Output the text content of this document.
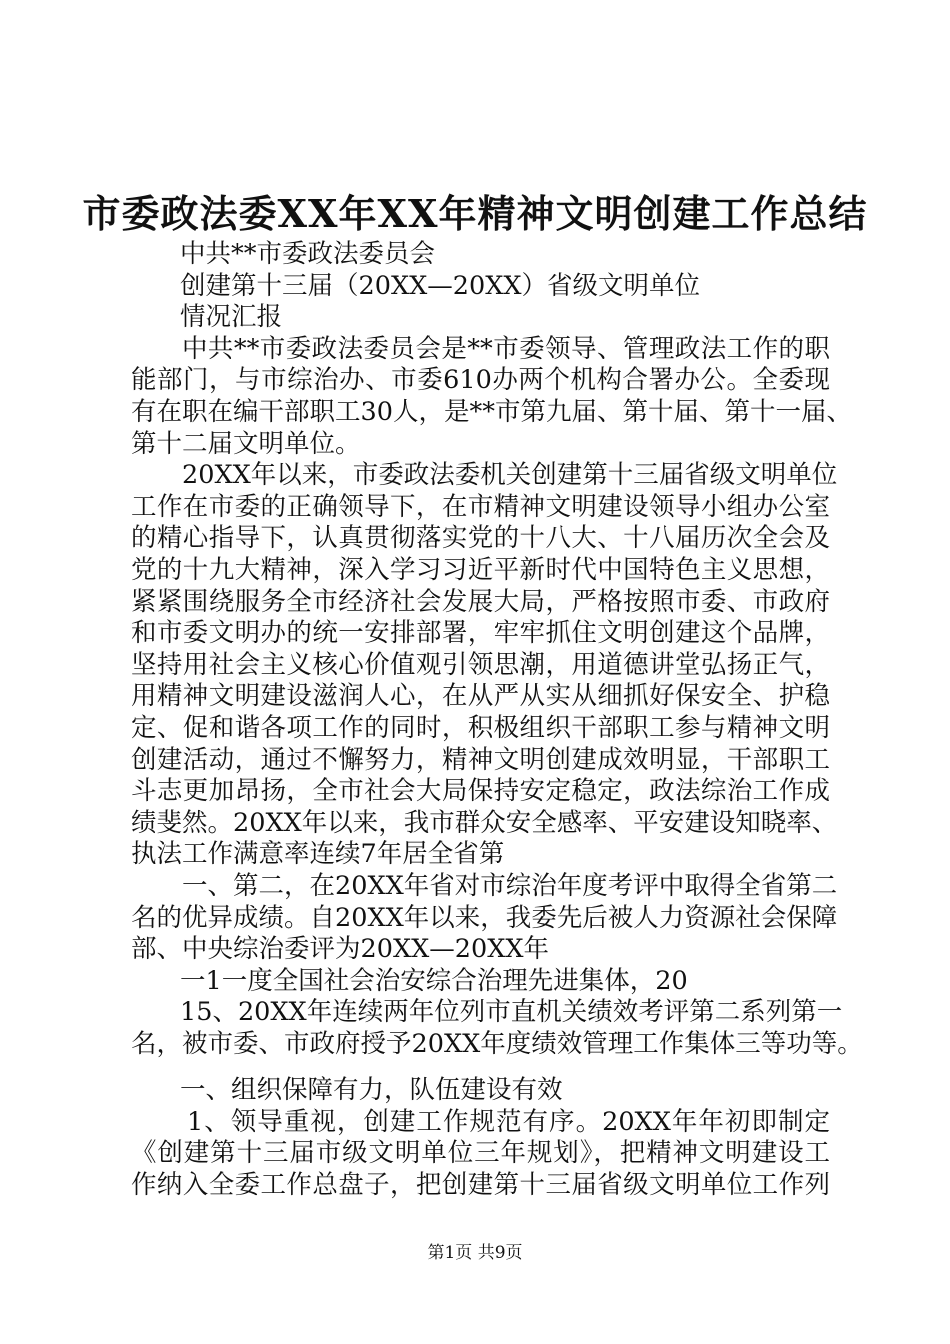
市委政法委XX年XX年精神文明创建工作总结
中共**市委政法委员会
创建第十三届（20XX—20XX）省级文明单位
情况汇报
中共**市委政法委员会是**市委领导、管理政法工作的职
能部门，与市综治办、市委610办两个机构合署办公。全委现
有在职在编干部职工30人，是**市第九届、第十届、第十一届、
第十二届文明单位。
20XX年以来，市委政法委机关创建第十三届省级文明单位
工作在市委的正确领导下，在市精神文明建设领导小组办公室
的精心指导下，认真贯彻落实党的十八大、十八届历次全会及
党的十九大精神，深入学习习近平新时代中国特色主义思想，
紧紧围绕服务全市经济社会发展大局，严格按照市委、市政府
和市委文明办的统一安排部署，牢牢抓住文明创建这个品牌，
坚持用社会主义核心价值观引领思潮，用道德讲堂弘扬正气，
用精神文明建设滋润人心，在从严从实从细抓好保安全、护稳
定、促和谐各项工作的同时，积极组织干部职工参与精神文明
创建活动，通过不懈努力，精神文明创建成效明显，干部职工
斗志更加昂扬，全市社会大局保持安定稳定，政法综治工作成
绩斐然。20XX年以来，我市群众安全感率、平安建设知晓率、
执法工作满意率连续7年居全省第
一、第二，在20XX年省对市综治年度考评中取得全省第二
名的优异成绩。自20XX年以来，我委先后被人力资源社会保障
部、中央综治委评为20XX—20XX年
一1一度全国社会治安综合治理先进集体，20
15、20XX年连续两年位列市直机关绩效考评第二系列第一
名，被市委、市政府授予20XX年度绩效管理工作集体三等功等。
一、组织保障有力，队伍建设有效
1、领导重视，创建工作规范有序。20XX年年初即制定
《创建第十三届市级文明单位三年规划》，把精神文明建设工
作纳入全委工作总盘子，把创建第十三届省级文明单位工作列
第1页 共9页
